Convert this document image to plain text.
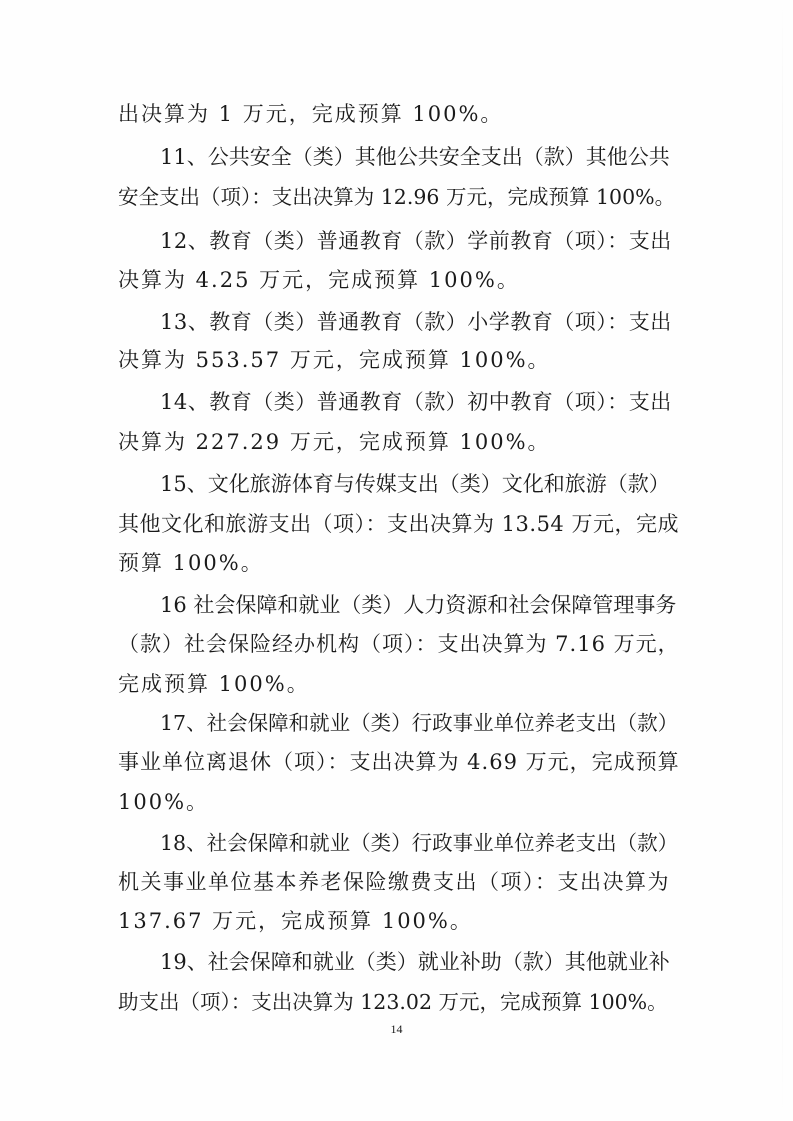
出决算为 1 万元，完成预算 100%。
11、公共安全（类）其他公共安全支出（款）其他公共
安全支出（项）：支出决算为 12.96 万元，完成预算 100%。
12、教育（类）普通教育（款）学前教育（项）：支出
决算为 4.25 万元，完成预算 100%。
13、教育（类）普通教育（款）小学教育（项）：支出
决算为 553.57 万元，完成预算 100%。
14、教育（类）普通教育（款）初中教育（项）：支出
决算为 227.29 万元，完成预算 100%。
15、文化旅游体育与传媒支出（类）文化和旅游（款）
其他文化和旅游支出（项）：支出决算为 13.54 万元，完成
预算 100%。
16 社会保障和就业（类）人力资源和社会保障管理事务
（款）社会保险经办机构（项）：支出决算为 7.16 万元，
完成预算 100%。
17、社会保障和就业（类）行政事业单位养老支出（款）
事业单位离退休（项）：支出决算为 4.69 万元，完成预算
100%。
18、社会保障和就业（类）行政事业单位养老支出（款）
机关事业单位基本养老保险缴费支出（项）：支出决算为
137.67 万元，完成预算 100%。
19、社会保障和就业（类）就业补助（款）其他就业补
助支出（项）：支出决算为 123.02 万元，完成预算 100%。
14
